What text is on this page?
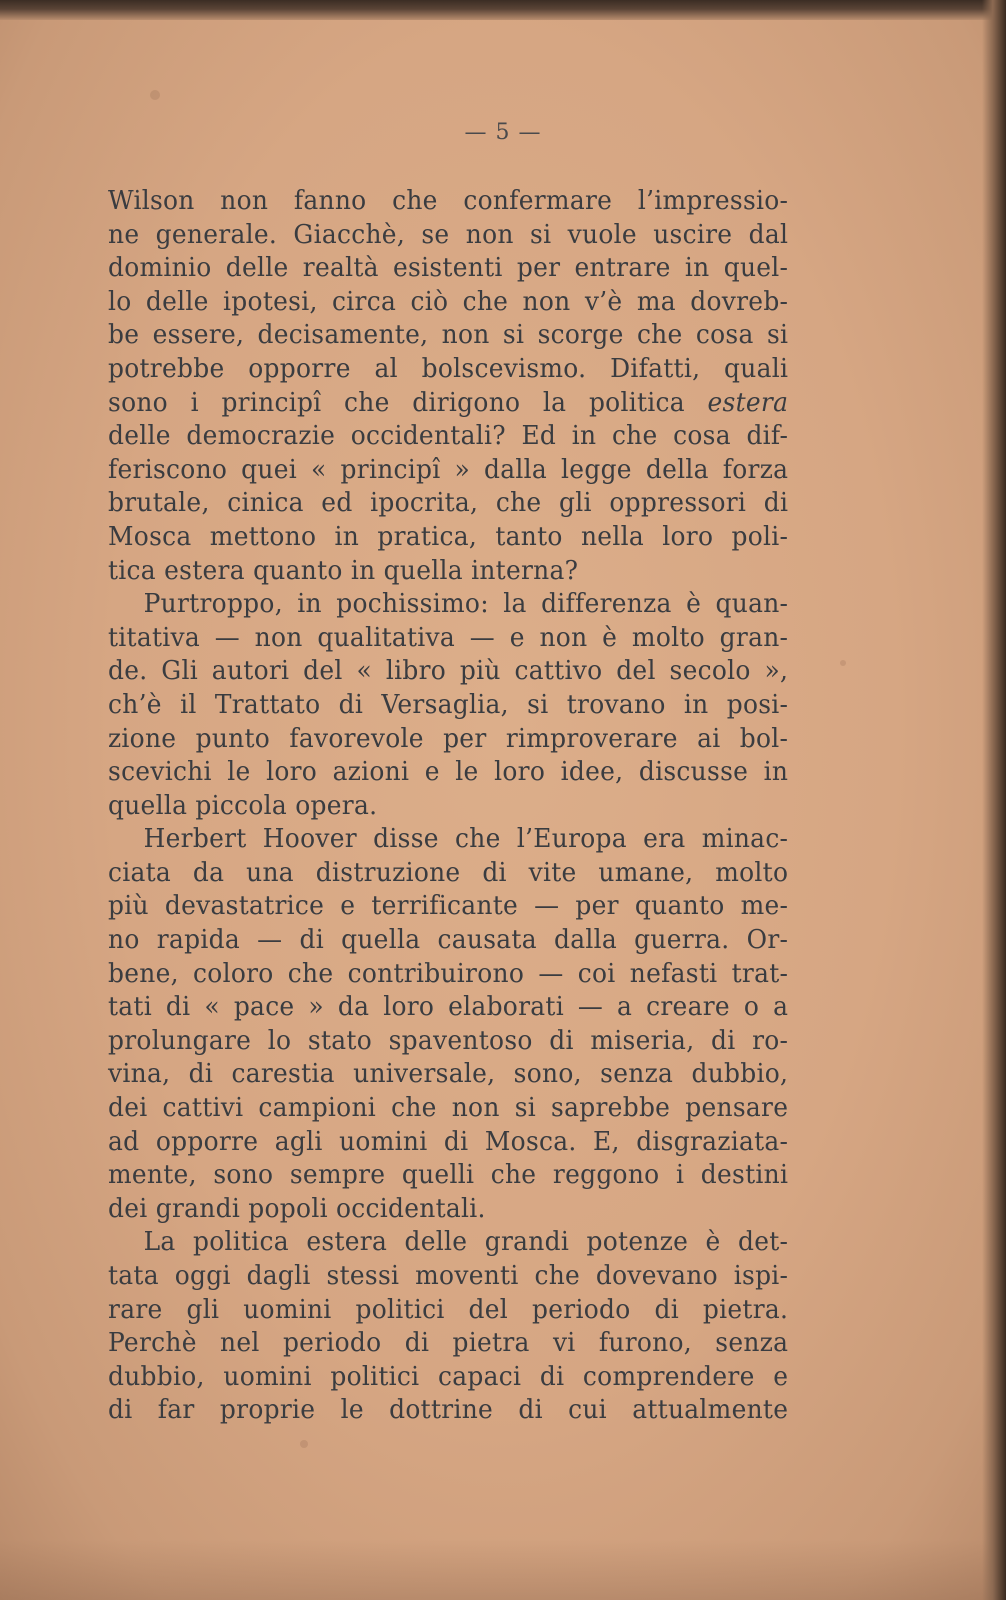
— 5 —
Wilson non fanno che confermare l’impressio-
ne generale. Giacchè, se non si vuole uscire dal
dominio delle realtà esistenti per entrare in quel-
lo delle ipotesi, circa ciò che non v’è ma dovreb-
be essere, decisamente, non si scorge che cosa si
potrebbe opporre al bolscevismo. Difatti, quali
sono i principî che dirigono la politica estera
delle democrazie occidentali? Ed in che cosa dif-
feriscono quei « principî » dalla legge della forza
brutale, cinica ed ipocrita, che gli oppressori di
Mosca mettono in pratica, tanto nella loro poli-
tica estera quanto in quella interna?
Purtroppo, in pochissimo: la differenza è quan-
titativa — non qualitativa — e non è molto gran-
de. Gli autori del « libro più cattivo del secolo »,
ch’è il Trattato di Versaglia, si trovano in posi-
zione punto favorevole per rimproverare ai bol-
scevichi le loro azioni e le loro idee, discusse in
quella piccola opera.
Herbert Hoover disse che l’Europa era minac-
ciata da una distruzione di vite umane, molto
più devastatrice e terrificante — per quanto me-
no rapida — di quella causata dalla guerra. Or-
bene, coloro che contribuirono — coi nefasti trat-
tati di « pace » da loro elaborati — a creare o a
prolungare lo stato spaventoso di miseria, di ro-
vina, di carestia universale, sono, senza dubbio,
dei cattivi campioni che non si saprebbe pensare
ad opporre agli uomini di Mosca. E, disgraziata-
mente, sono sempre quelli che reggono i destini
dei grandi popoli occidentali.
La politica estera delle grandi potenze è det-
tata oggi dagli stessi moventi che dovevano ispi-
rare gli uomini politici del periodo di pietra.
Perchè nel periodo di pietra vi furono, senza
dubbio, uomini politici capaci di comprendere e
di far proprie le dottrine di cui attualmente
